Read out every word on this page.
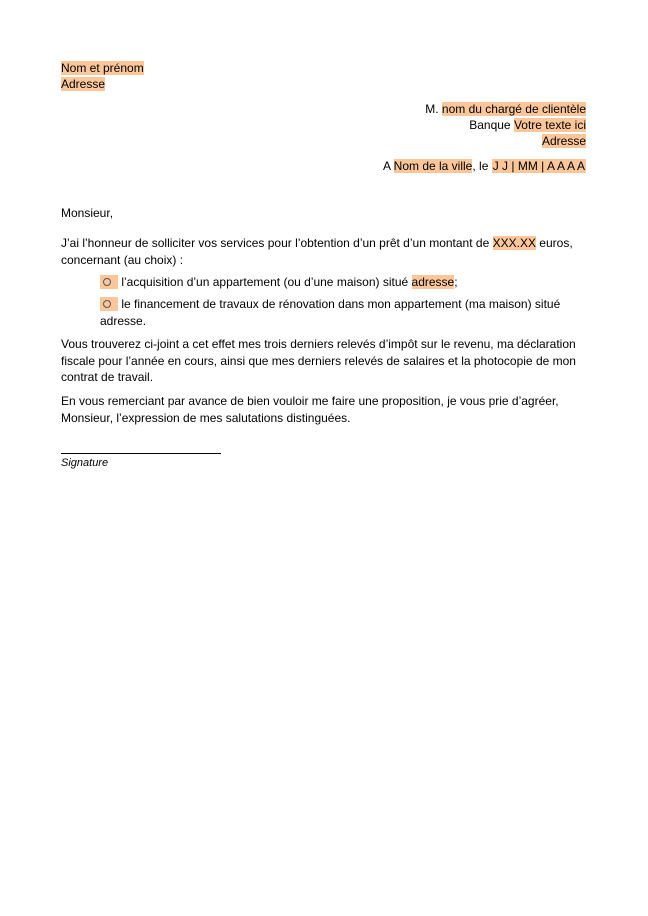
Nom et prénom
Adresse
M. nom du chargé de clientèle
Banque Votre texte ici
Adresse
A Nom de la ville, le J J | MM | A A A A
Monsieur,
J’ai l’honneur de solliciter vos services pour l’obtention d’un prêt d’un montant de XXX.XX euros, concernant (au choix) :
l’acquisition d’un appartement (ou d’une maison) situé adresse;
le financement de travaux de rénovation dans mon appartement (ma maison) situé adresse.
Vous trouverez ci-joint a cet effet mes trois derniers relevés d’impôt sur le revenu, ma déclaration fiscale pour l’année en cours, ainsi que mes derniers relevés de salaires et la photocopie de mon contrat de travail.
En vous remerciant par avance de bien vouloir me faire une proposition, je vous prie d’agréer, Monsieur, l’expression de mes salutations distinguées.
Signature
